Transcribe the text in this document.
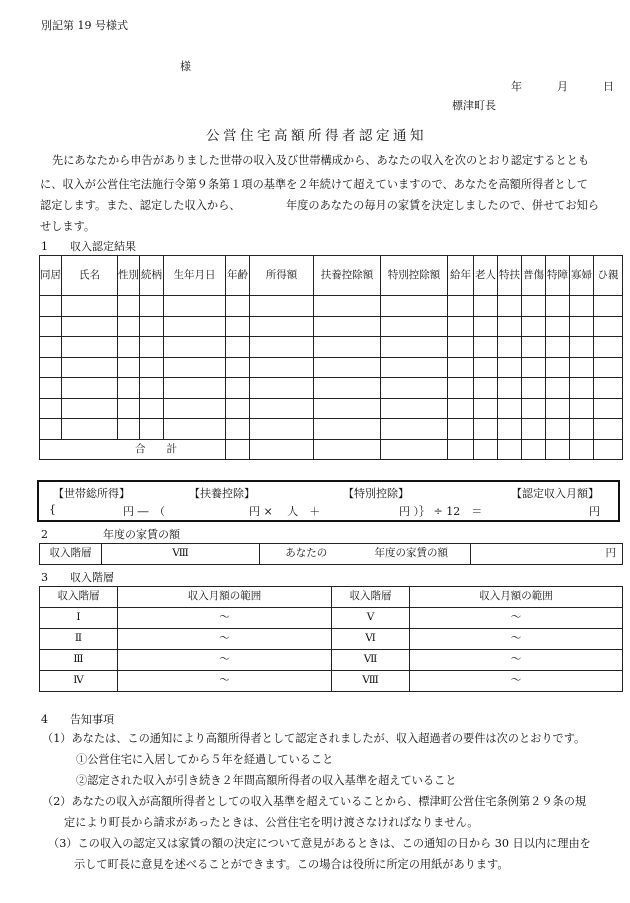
別記第 19 号様式
様
年	月	日
標津町長
公営住宅高額所得者認定通知
先にあなたから申告がありました世帯の収入及び世帯構成から、あなたの収入を次のとおり認定するととも
に、収入が公営住宅法施行令第９条第１項の基準を２年続けて超えていますので、あなたを高額所得者として
認定します。また、認定した収入から、	年度のあなたの毎月の家賃を決定しましたので、併せてお知ら
せします。
1　　収入認定結果
同居	氏名	性別	続柄	生年月日	年齢	所得額	扶養控除額	特別控除額	給年	老人	特扶	普傷	特障	寡婦	ひ親

合　　計															
【世帯総所得】	【扶養控除】	【特別控除】	【認定収入月額】
{	円 ―　（	円 ×　 人　＋	円 ）｝ ÷ 12　＝	円
2　　　　　年度の家賃の額
収入階層	Ⅷ	あなたの	年度の家賃の額	円
3　　収入階層
収入階層	収入月額の範囲	収入階層	収入月額の範囲
Ⅰ	～	Ⅴ	～
Ⅱ	～	Ⅵ	～
Ⅲ	～	Ⅶ	～
Ⅳ	～	Ⅷ	～
4　　告知事項
（1）あなたは、この通知により高額所得者として認定されましたが、収入超過者の要件は次のとおりです。
①公営住宅に入居してから５年を経過していること
②認定された収入が引き続き２年間高額所得者の収入基準を超えていること
（2）あなたの収入が高額所得者としての収入基準を超えていることから、標津町公営住宅条例第２９条の規
定により町長から請求があったときは、公営住宅を明け渡さなければなりません。
（3）この収入の認定又は家賃の額の決定について意見があるときは、この通知の日から 30 日以内に理由を
示して町長に意見を述べることができます。この場合は役所に所定の用紙があります。
